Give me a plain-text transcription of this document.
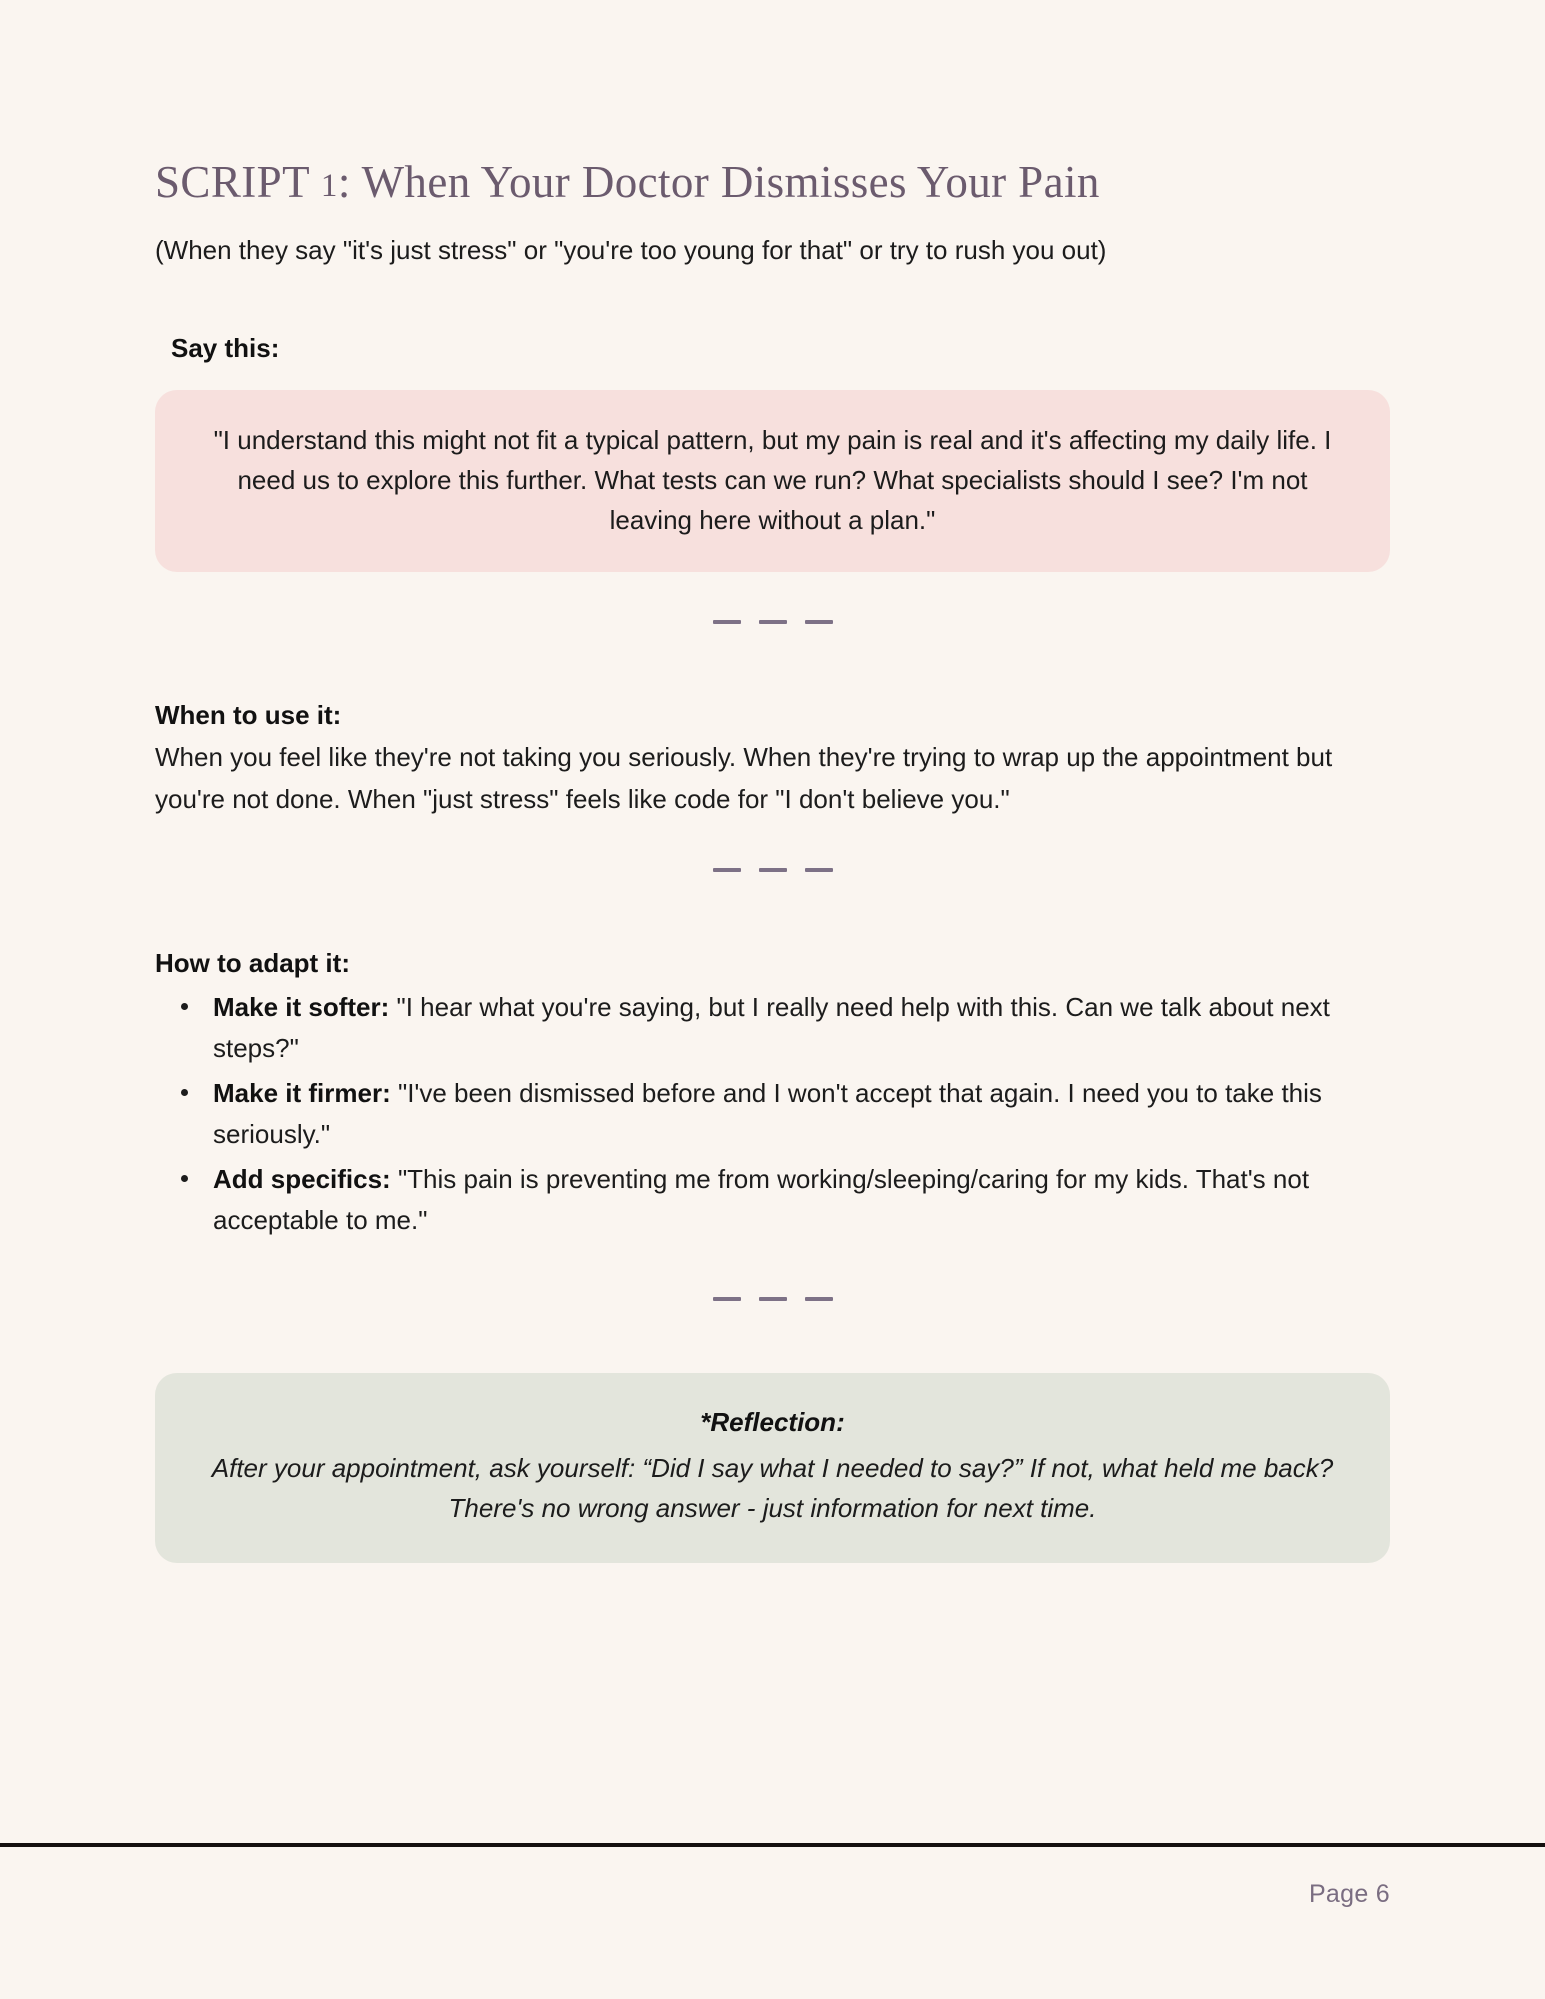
SCRIPT 1: When Your Doctor Dismisses Your Pain

(When they say "it's just stress" or "you're too young for that" or try to rush you out)

Say this:

"I understand this might not fit a typical pattern, but my pain is real and it's affecting my daily life. I need us to explore this further. What tests can we run? What specialists should I see? I'm not leaving here without a plan."

When to use it:

When you feel like they're not taking you seriously. When they're trying to wrap up the appointment but you're not done. When "just stress" feels like code for "I don't believe you."

How to adapt it:
Make it softer: "I hear what you're saying, but I really need help with this. Can we talk about next steps?"
Make it firmer: "I've been dismissed before and I won't accept that again. I need you to take this seriously."
Add specifics: "This pain is preventing me from working/sleeping/caring for my kids. That's not acceptable to me."

*Reflection:

After your appointment, ask yourself: “Did I say what I needed to say?” If not, what held me back? There's no wrong answer - just information for next time.

Page 6
